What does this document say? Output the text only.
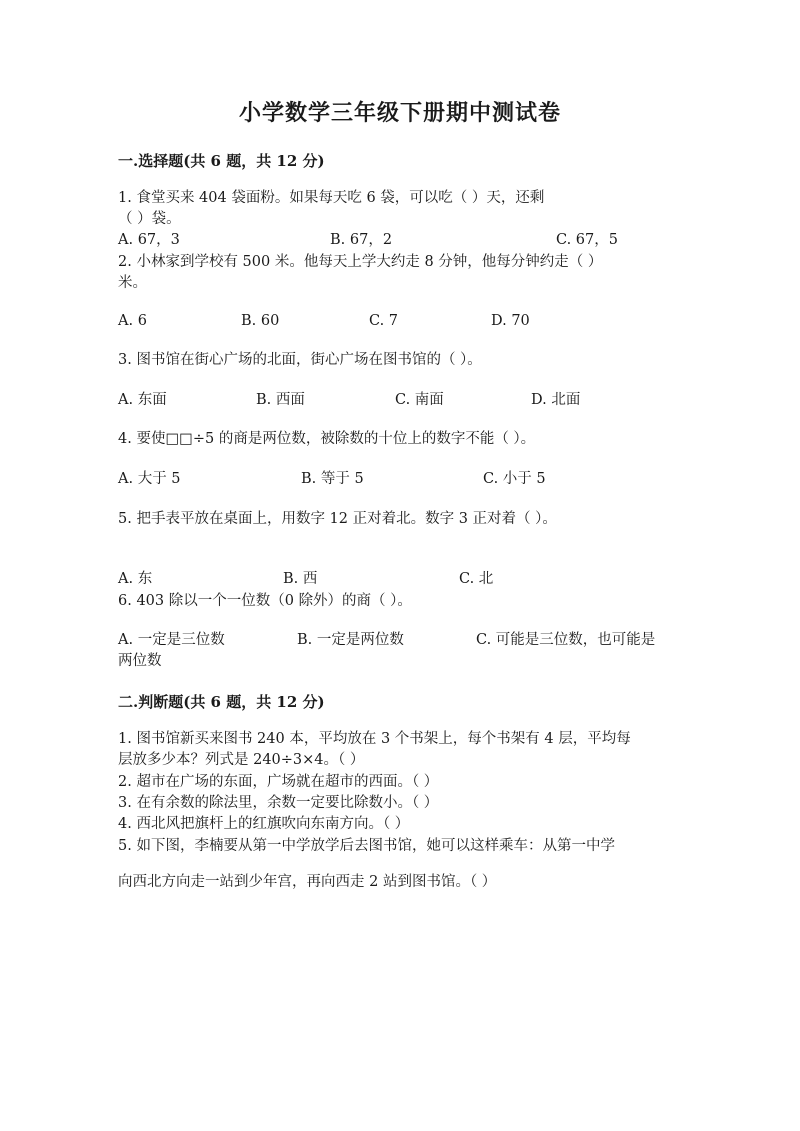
小学数学三年级下册期中测试卷
一.选择题(共 6 题，共 12 分)
1. 食堂买来 404 袋面粉。如果每天吃 6 袋，可以吃（ ）天，还剩
（ ）袋。
A. 67，3	B. 67，2	C. 67，5
2. 小林家到学校有 500 米。他每天上学大约走 8 分钟，他每分钟约走（ ）
米。
A. 6	B. 60	C. 7	D. 70
3. 图书馆在街心广场的北面，街心广场在图书馆的（ ）。
A. 东面	B. 西面	C. 南面	D. 北面
4. 要使□□÷5 的商是两位数，被除数的十位上的数字不能（ ）。
A. 大于 5	B. 等于 5	C. 小于 5
5. 把手表平放在桌面上，用数字 12 正对着北。数字 3 正对着（ ）。
A. 东	B. 西	C. 北
6. 403 除以一个一位数（0 除外）的商（ ）。
A. 一定是三位数	B. 一定是两位数	C. 可能是三位数，也可能是
两位数
二.判断题(共 6 题，共 12 分)
1. 图书馆新买来图书 240 本，平均放在 3 个书架上，每个书架有 4 层，平均每
层放多少本？列式是 240÷3×4。（ ）
2. 超市在广场的东面，广场就在超市的西面。（ ）
3. 在有余数的除法里，余数一定要比除数小。（ ）
4. 西北风把旗杆上的红旗吹向东南方向。（ ）
5. 如下图，李楠要从第一中学放学后去图书馆，她可以这样乘车：从第一中学
向西北方向走一站到少年宫，再向西走 2 站到图书馆。（ ）
